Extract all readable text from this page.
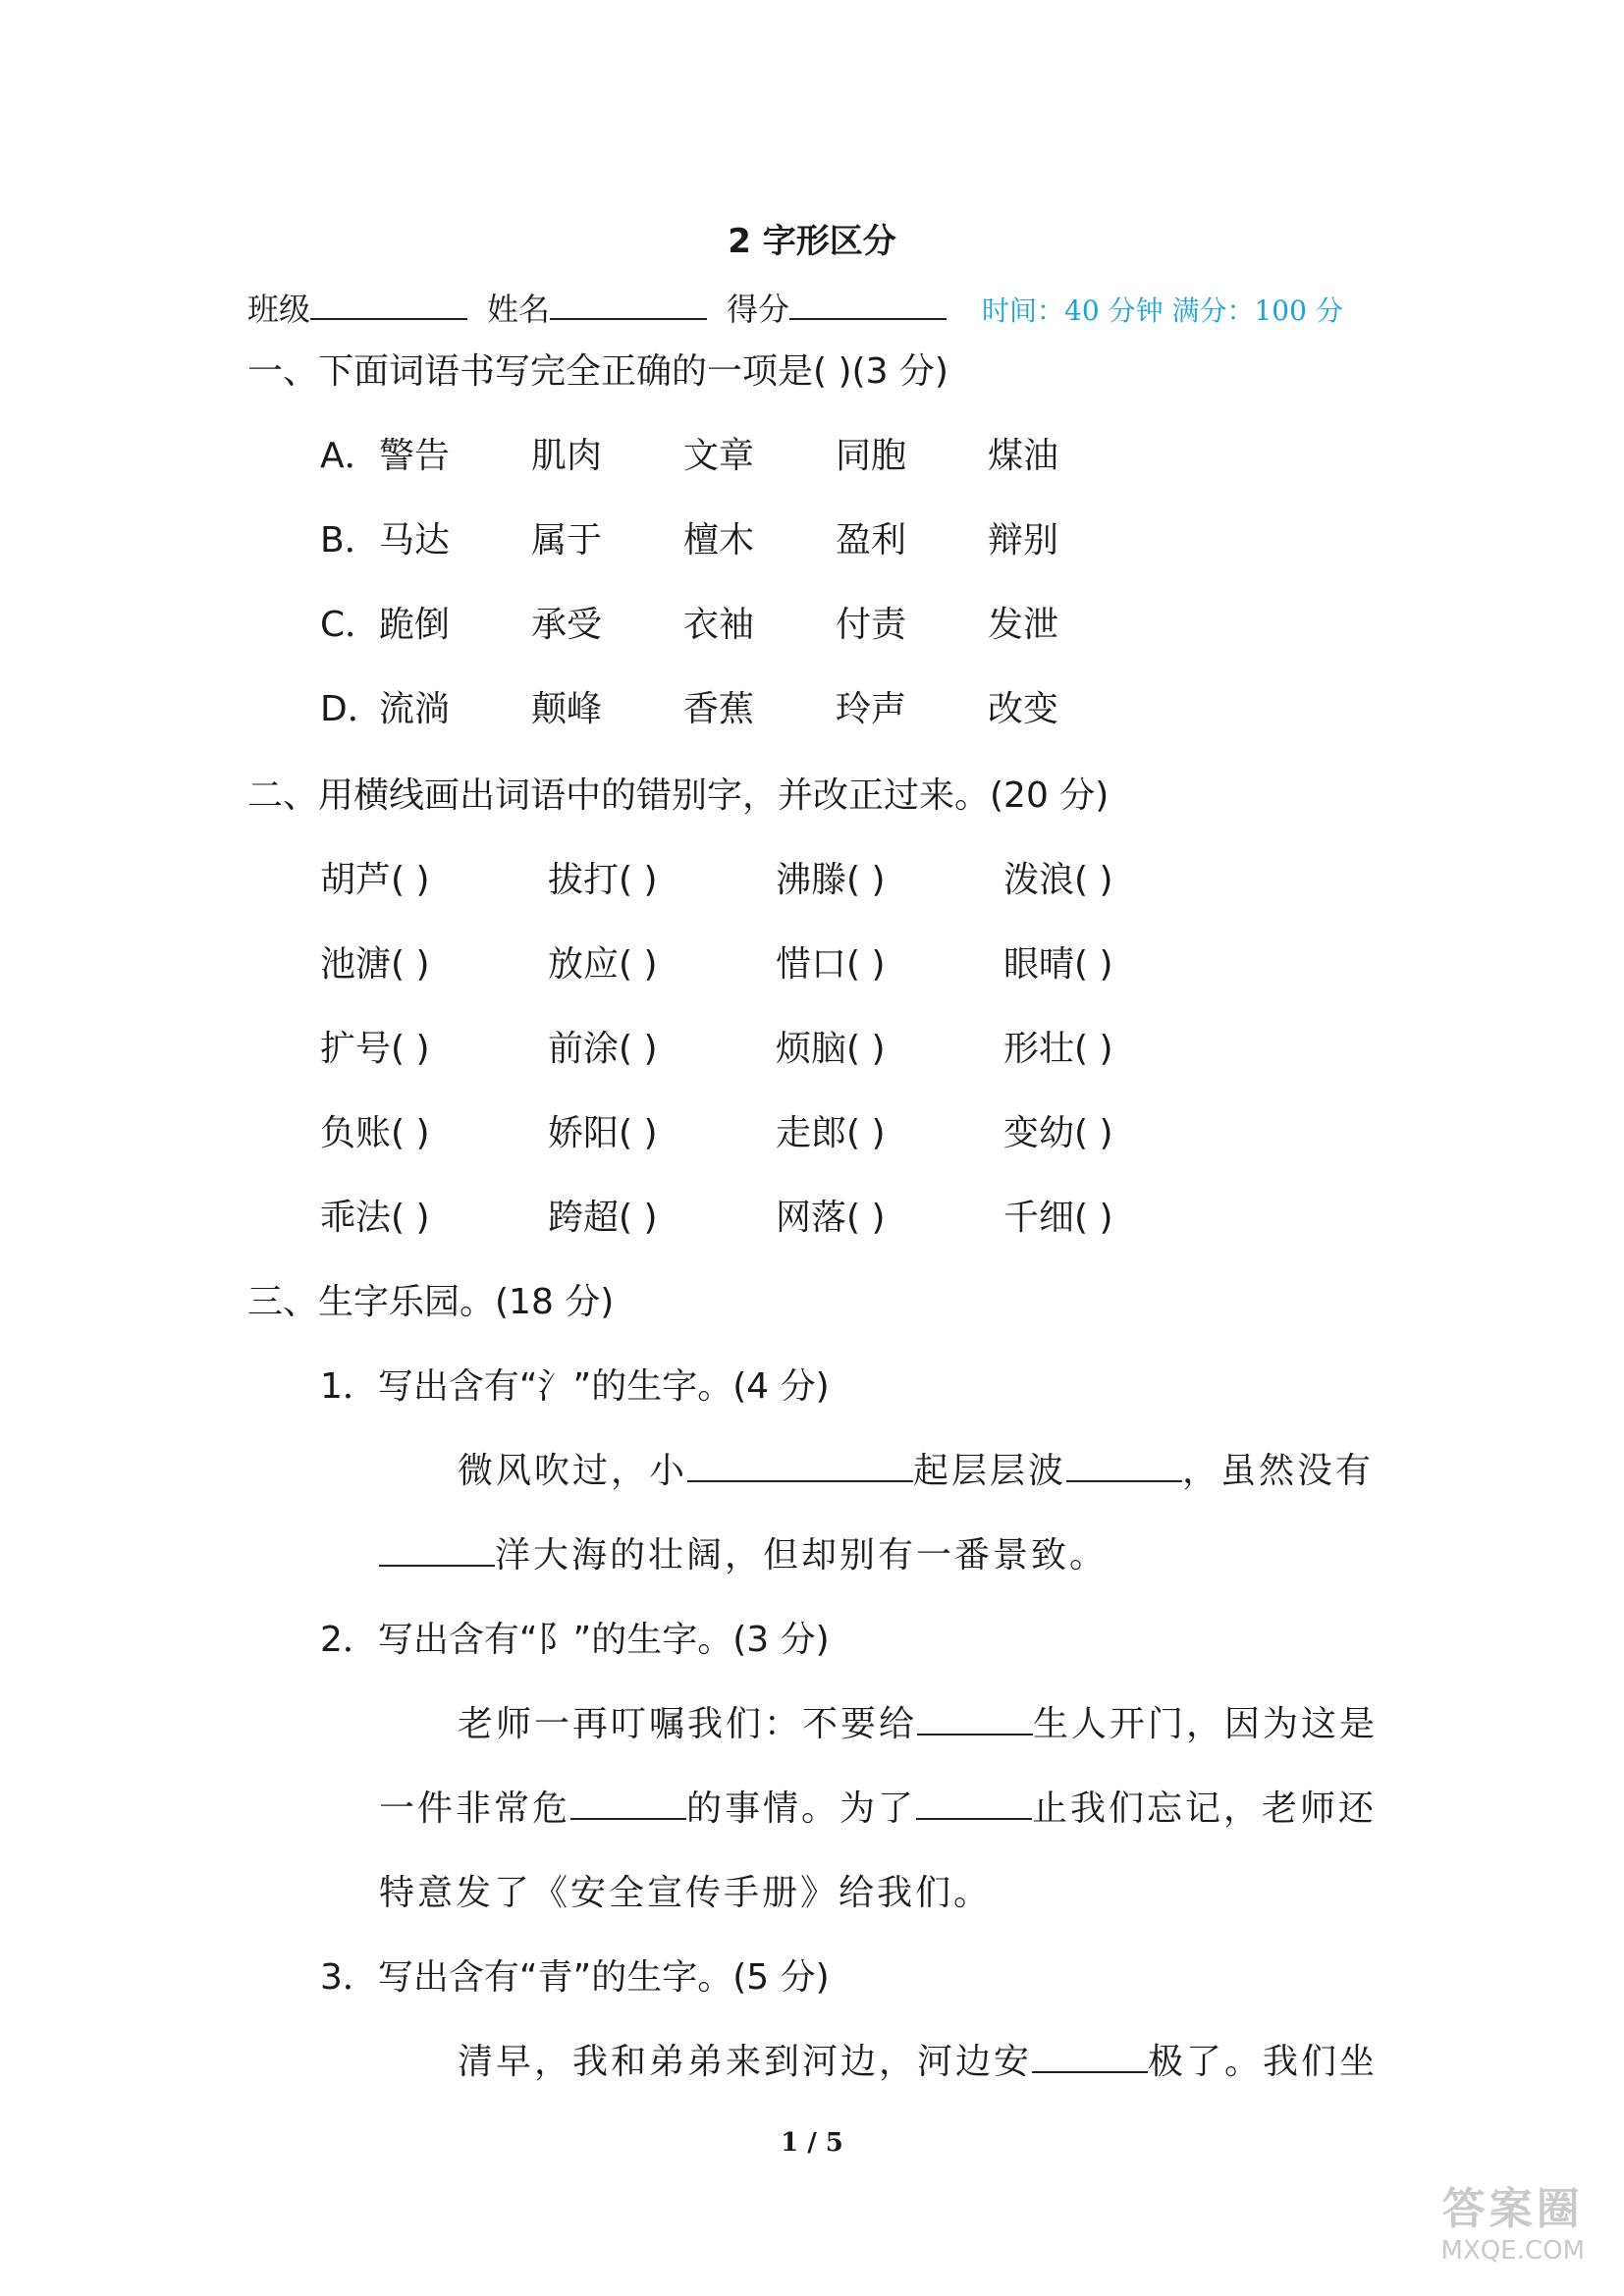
2 字形区分
班级	姓名	得分	时间：40 分钟 满分：100 分
一、下面词语书写完全正确的一项是( )(3 分)
A．警告 肌肉 文章 同胞 煤油
B．马达 属于 檀木 盈利 辩别
C．跪倒 承受 衣袖 付责 发泄
D．流淌 颠峰 香蕉 玲声 改变
二、用横线画出词语中的错别字，并改正过来。(20 分)
胡芦( )	拔打( )	沸滕( )	泼浪( )
池溏( )	放应( )	惜口( )	眼晴( )
扩号( )	前涂( )	烦脑( )	形壮( )
负账( )	娇阳( )	走郎( )	变幼( )
乖法( )	跨超( )	网落( )	千细( )
三、生字乐园。(18 分)
1．写出含有“氵”的生字。(4 分)
微风吹过，小	起层层波	，虽然没有
洋大海的壮阔，但却别有一番景致。
2．写出含有“阝”的生字。(3 分)
老师一再叮嘱我们：不要给	生人开门，因为这是
一件非常危	的事情。为了	止我们忘记，老师还
特意发了《安全宣传手册》给我们。
3．写出含有“青”的生字。(5 分)
清早，我和弟弟来到河边，河边安	极了。我们坐
1 / 5
答案圈
MXQE.COM
